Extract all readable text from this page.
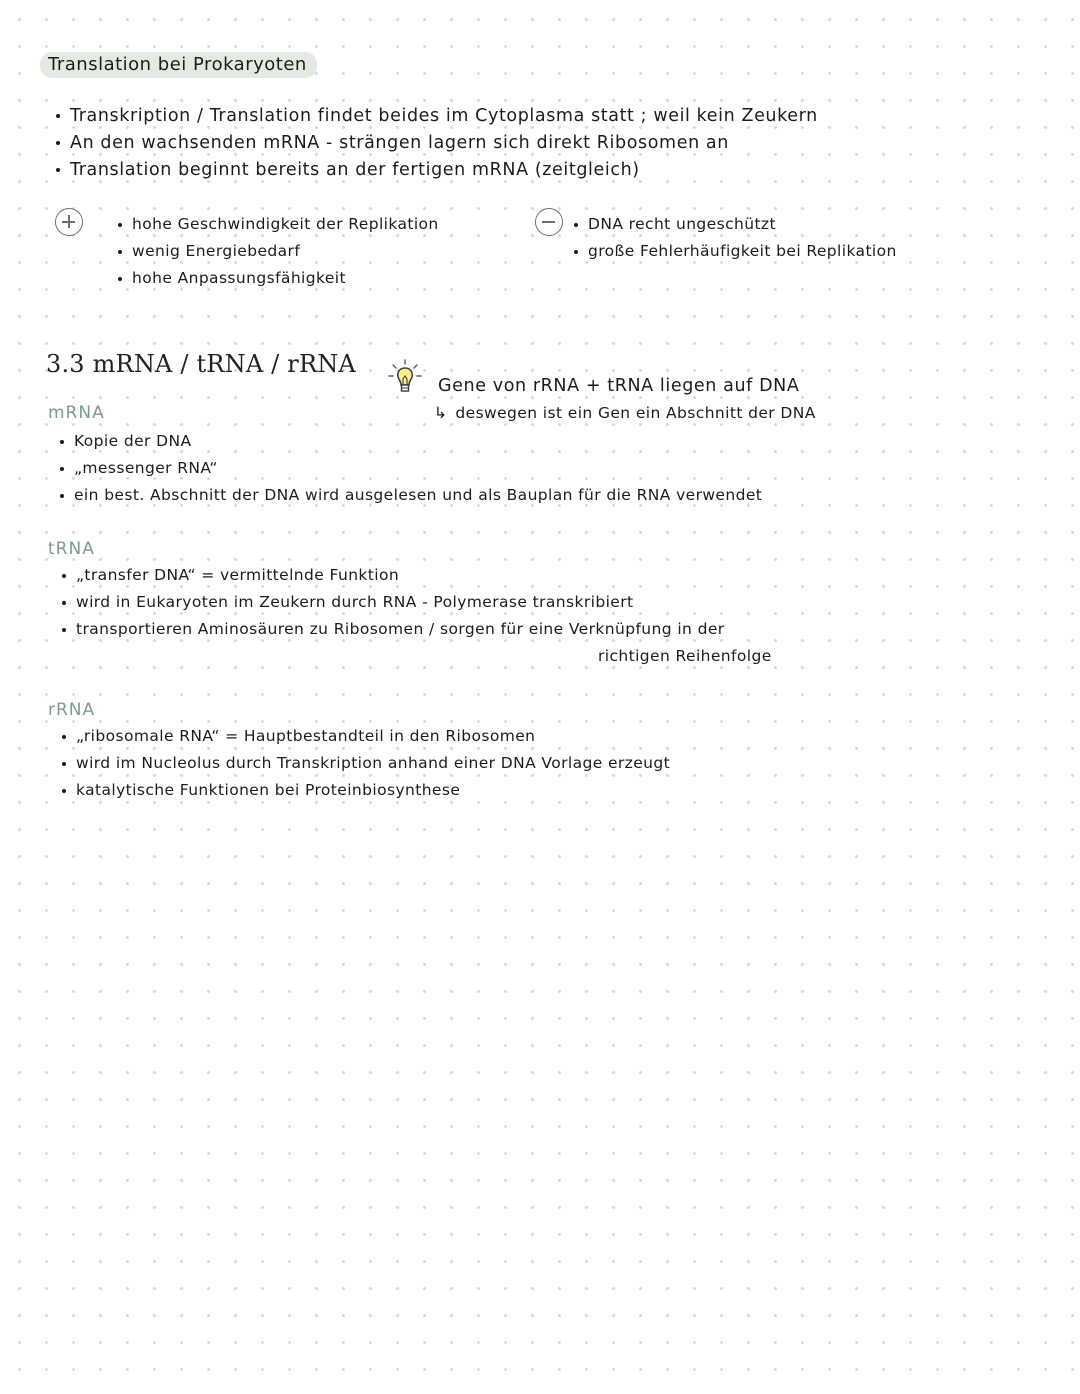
Translation bei Prokaryoten
Transkription / Translation findet beides im Cytoplasma statt ; weil kein Zeukern
An den wachsenden mRNA - strängen lagern sich direkt Ribosomen an
Translation beginnt bereits an der fertigen mRNA (zeitgleich)
hohe Geschwindigkeit der Replikation
wenig Energiebedarf
hohe Anpassungsfähigkeit
DNA recht ungeschützt
große Fehlerhäufigkeit bei Replikation
3.3 mRNA / tRNA / rRNA
Gene von rRNA + tRNA liegen auf DNA
↳ deswegen ist ein Gen ein Abschnitt der DNA
mRNA
Kopie der DNA
„messenger RNA“
ein best. Abschnitt der DNA wird ausgelesen und als Bauplan für die RNA verwendet
tRNA
„transfer DNA“ = vermittelnde Funktion
wird in Eukaryoten im Zeukern durch RNA - Polymerase transkribiert
transportieren Aminosäuren zu Ribosomen / sorgen für eine Verknüpfung in der
richtigen Reihenfolge
rRNA
„ribosomale RNA“ = Hauptbestandteil in den Ribosomen
wird im Nucleolus durch Transkription anhand einer DNA Vorlage erzeugt
katalytische Funktionen bei Proteinbiosynthese
